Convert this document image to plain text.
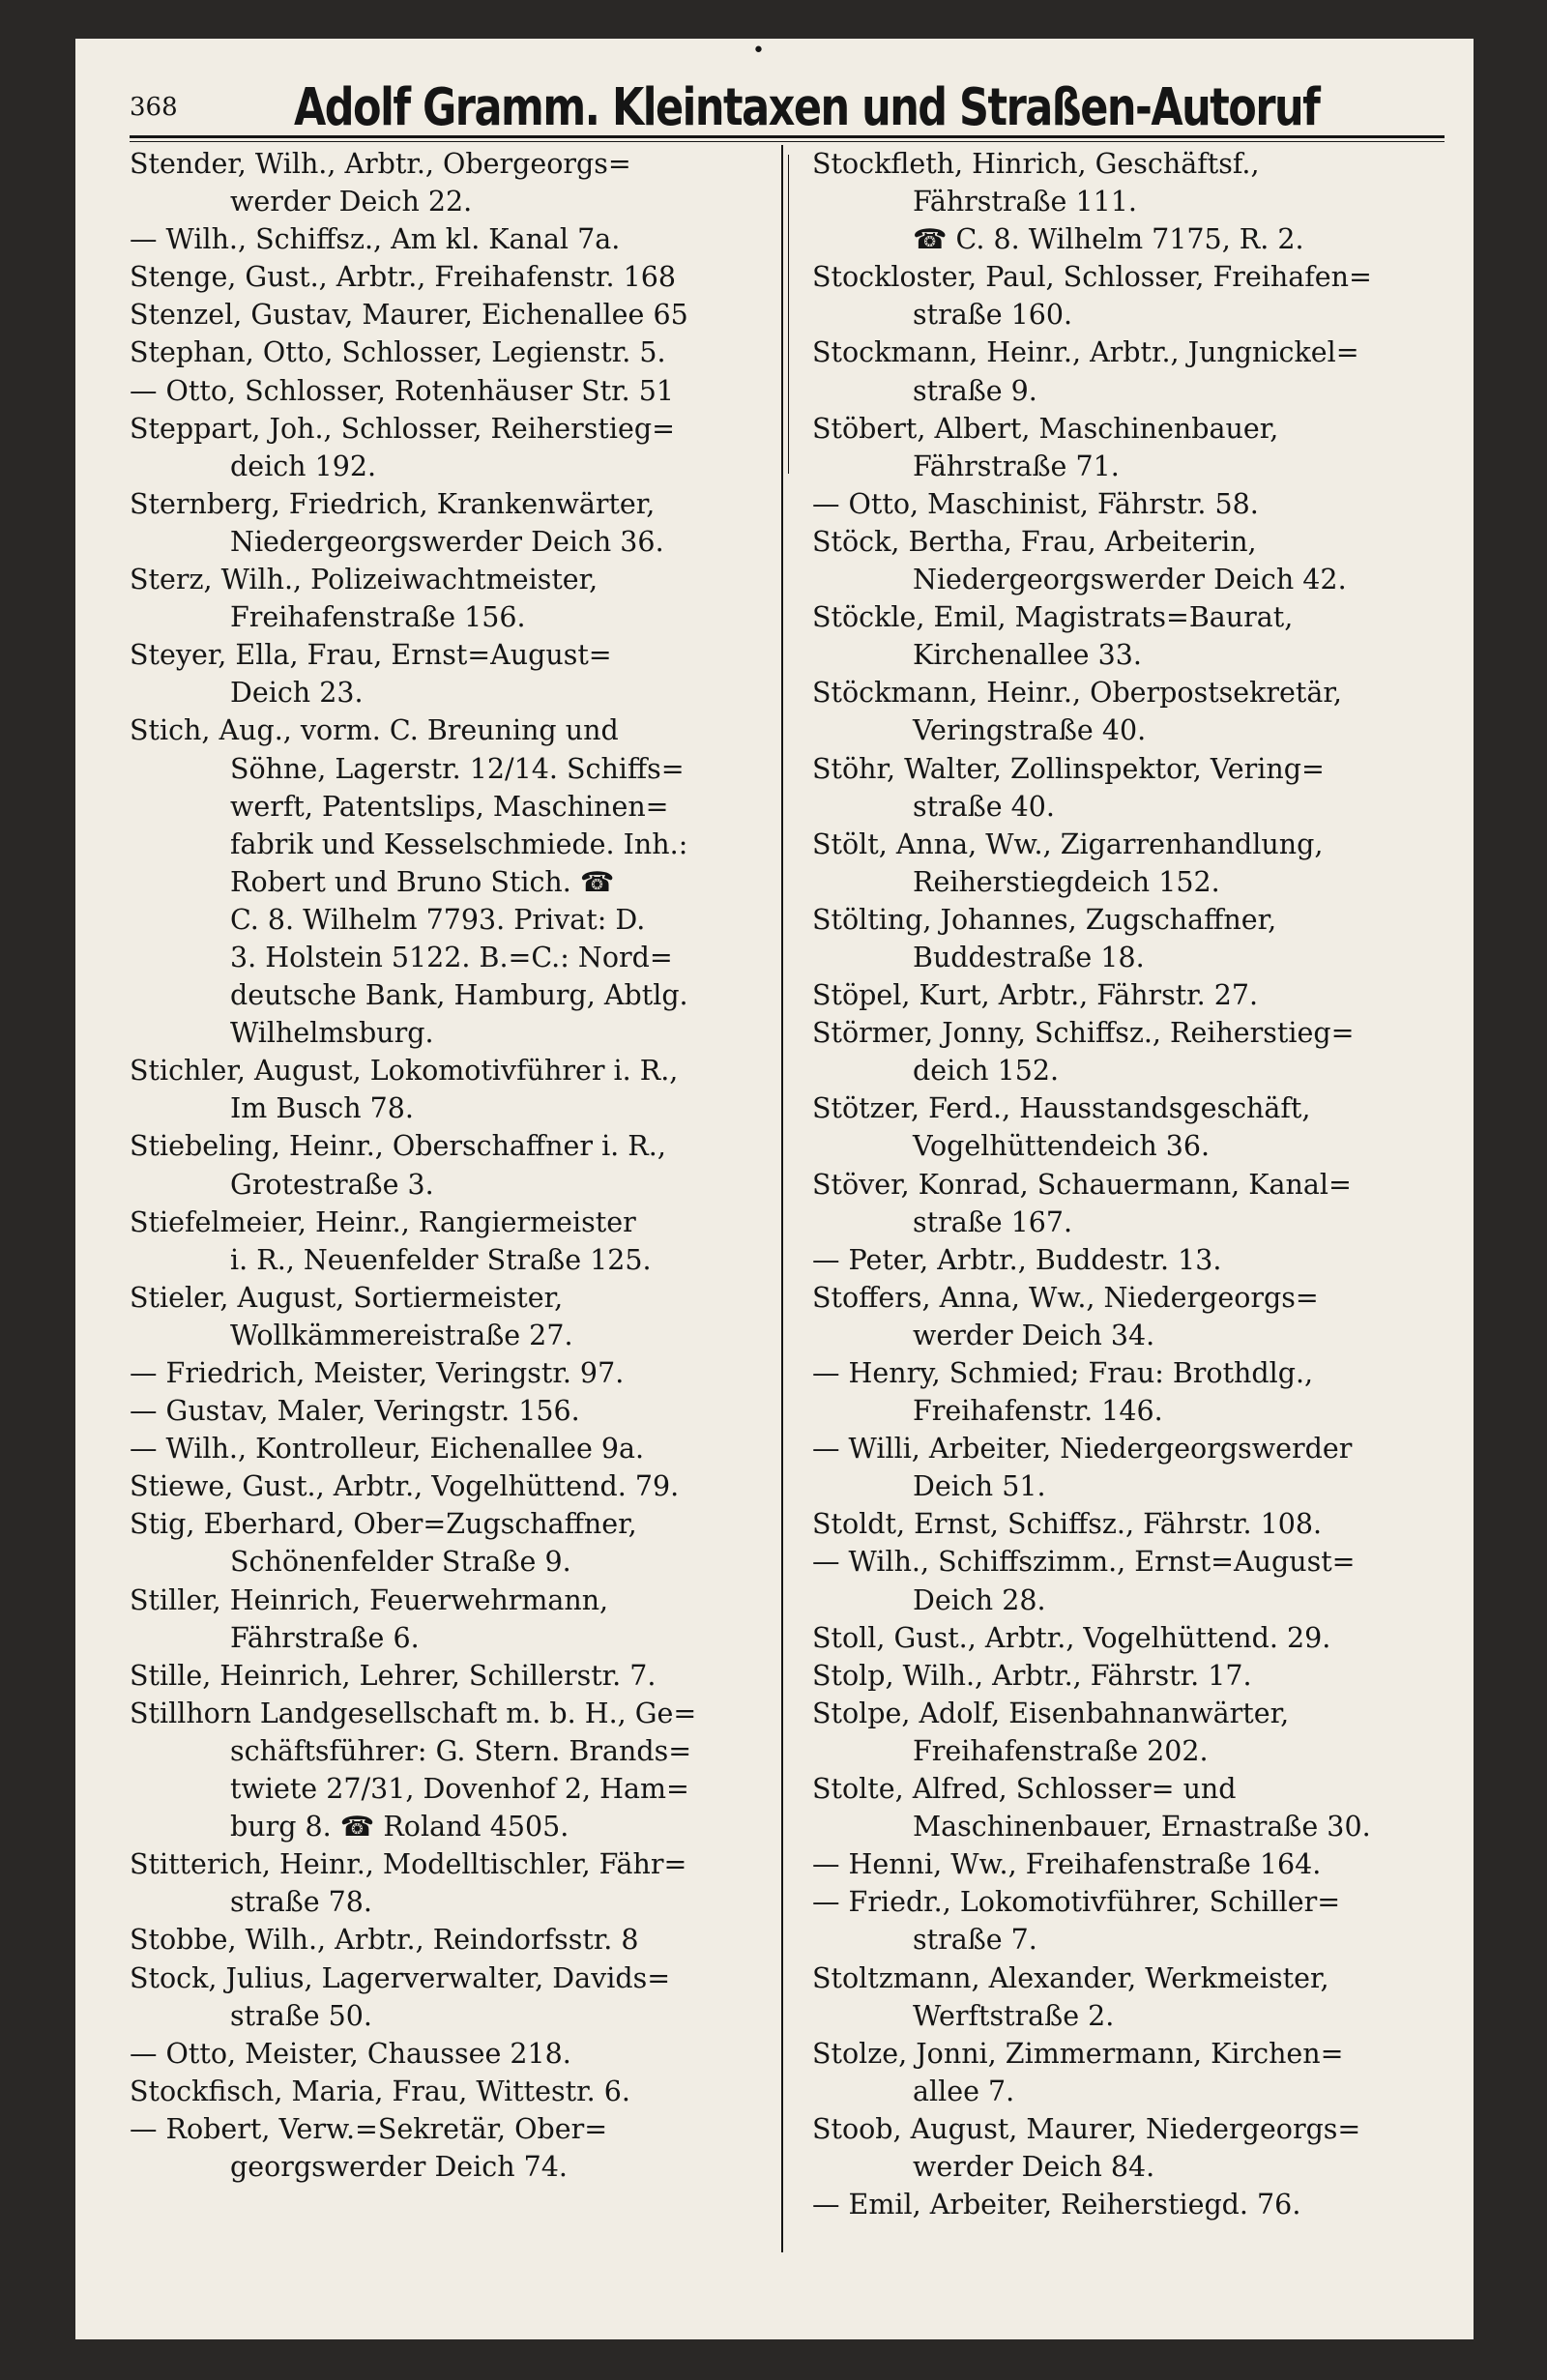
•
368	Adolf Gramm. Kleintaxen und Straßen-Autoruf
Stender, Wilh., Arbtr., Obergeorgs=
werder Deich 22.
— Wilh., Schiffsz., Am kl. Kanal 7a.
Stenge, Gust., Arbtr., Freihafenstr. 168
Stenzel, Gustav, Maurer, Eichenallee 65
Stephan, Otto, Schlosser, Legienstr. 5.
— Otto, Schlosser, Rotenhäuser Str. 51
Steppart, Joh., Schlosser, Reiherstieg=
deich 192.
Sternberg, Friedrich, Krankenwärter,
Niedergeorgswerder Deich 36.
Sterz, Wilh., Polizeiwachtmeister,
Freihafenstraße 156.
Steyer, Ella, Frau, Ernst=August=
Deich 23.
Stich, Aug., vorm. C. Breuning und
Söhne, Lagerstr. 12/14. Schiffs=
werft, Patentslips, Maschinen=
fabrik und Kesselschmiede. Inh.:
Robert und Bruno Stich. ☎
C. 8. Wilhelm 7793. Privat: D.
3. Holstein 5122. B.=C.: Nord=
deutsche Bank, Hamburg, Abtlg.
Wilhelmsburg.
Stichler, August, Lokomotivführer i. R.,
Im Busch 78.
Stiebeling, Heinr., Oberschaffner i. R.,
Grotestraße 3.
Stiefelmeier, Heinr., Rangiermeister
i. R., Neuenfelder Straße 125.
Stieler, August, Sortiermeister,
Wollkämmereistraße 27.
— Friedrich, Meister, Veringstr. 97.
— Gustav, Maler, Veringstr. 156.
— Wilh., Kontrolleur, Eichenallee 9a.
Stiewe, Gust., Arbtr., Vogelhüttend. 79.
Stig, Eberhard, Ober=Zugschaffner,
Schönenfelder Straße 9.
Stiller, Heinrich, Feuerwehrmann,
Fährstraße 6.
Stille, Heinrich, Lehrer, Schillerstr. 7.
Stillhorn Landgesellschaft m. b. H., Ge=
schäftsführer: G. Stern. Brands=
twiete 27/31, Dovenhof 2, Ham=
burg 8. ☎ Roland 4505.
Stitterich, Heinr., Modelltischler, Fähr=
straße 78.
Stobbe, Wilh., Arbtr., Reindorfsstr. 8
Stock, Julius, Lagerverwalter, Davids=
straße 50.
— Otto, Meister, Chaussee 218.
Stockfisch, Maria, Frau, Wittestr. 6.
— Robert, Verw.=Sekretär, Ober=
georgswerder Deich 74.
Stockfleth, Hinrich, Geschäftsf.,
Fährstraße 111.
☎ C. 8. Wilhelm 7175, R. 2.
Stockloster, Paul, Schlosser, Freihafen=
straße 160.
Stockmann, Heinr., Arbtr., Jungnickel=
straße 9.
Stöbert, Albert, Maschinenbauer,
Fährstraße 71.
— Otto, Maschinist, Fährstr. 58.
Stöck, Bertha, Frau, Arbeiterin,
Niedergeorgswerder Deich 42.
Stöckle, Emil, Magistrats=Baurat,
Kirchenallee 33.
Stöckmann, Heinr., Oberpostsekretär,
Veringstraße 40.
Stöhr, Walter, Zollinspektor, Vering=
straße 40.
Stölt, Anna, Ww., Zigarrenhandlung,
Reiherstiegdeich 152.
Stölting, Johannes, Zugschaffner,
Buddestraße 18.
Stöpel, Kurt, Arbtr., Fährstr. 27.
Störmer, Jonny, Schiffsz., Reiherstieg=
deich 152.
Stötzer, Ferd., Hausstandsgeschäft,
Vogelhüttendeich 36.
Stöver, Konrad, Schauermann, Kanal=
straße 167.
— Peter, Arbtr., Buddestr. 13.
Stoffers, Anna, Ww., Niedergeorgs=
werder Deich 34.
— Henry, Schmied; Frau: Brothdlg.,
Freihafenstr. 146.
— Willi, Arbeiter, Niedergeorgswerder
Deich 51.
Stoldt, Ernst, Schiffsz., Fährstr. 108.
— Wilh., Schiffszimm., Ernst=August=
Deich 28.
Stoll, Gust., Arbtr., Vogelhüttend. 29.
Stolp, Wilh., Arbtr., Fährstr. 17.
Stolpe, Adolf, Eisenbahnanwärter,
Freihafenstraße 202.
Stolte, Alfred, Schlosser= und
Maschinenbauer, Ernastraße 30.
— Henni, Ww., Freihafenstraße 164.
— Friedr., Lokomotivführer, Schiller=
straße 7.
Stoltzmann, Alexander, Werkmeister,
Werftstraße 2.
Stolze, Jonni, Zimmermann, Kirchen=
allee 7.
Stoob, August, Maurer, Niedergeorgs=
werder Deich 84.
— Emil, Arbeiter, Reiherstiegd. 76.
